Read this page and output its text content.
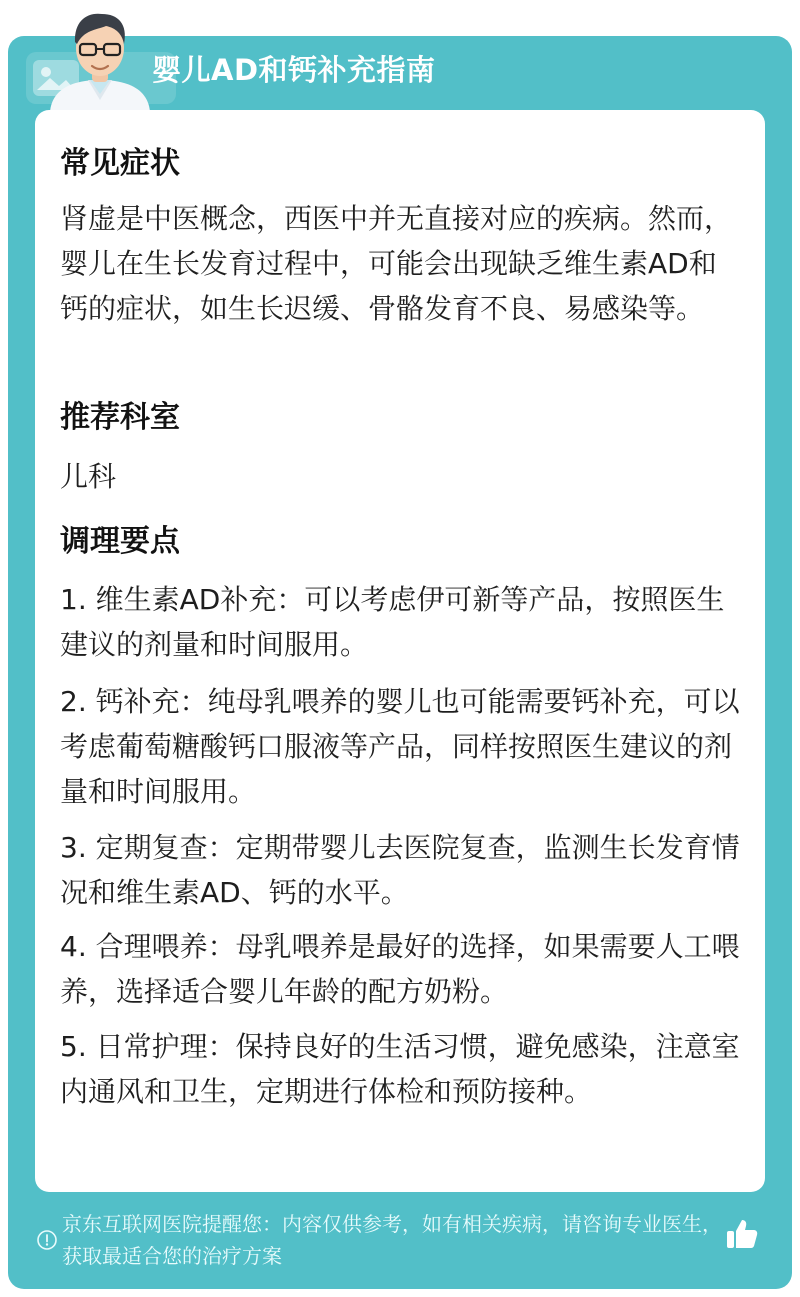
婴儿AD和钙补充指南
常见症状
肾虚是中医概念，西医中并无直接对应的疾病。然而，婴儿在生长发育过程中，可能会出现缺乏维生素AD和钙的症状，如生长迟缓、骨骼发育不良、易感染等。
推荐科室
儿科
调理要点
1. 维生素AD补充：可以考虑伊可新等产品，按照医生建议的剂量和时间服用。
2. 钙补充：纯母乳喂养的婴儿也可能需要钙补充，可以考虑葡萄糖酸钙口服液等产品，同样按照医生建议的剂量和时间服用。
3. 定期复查：定期带婴儿去医院复查，监测生长发育情况和维生素AD、钙的水平。
4. 合理喂养：母乳喂养是最好的选择，如果需要人工喂养，选择适合婴儿年龄的配方奶粉。
5. 日常护理：保持良好的生活习惯，避免感染，注意室内通风和卫生，定期进行体检和预防接种。
京东互联网医院提醒您：内容仅供参考，如有相关疾病，请咨询专业医生，获取最适合您的治疗方案
